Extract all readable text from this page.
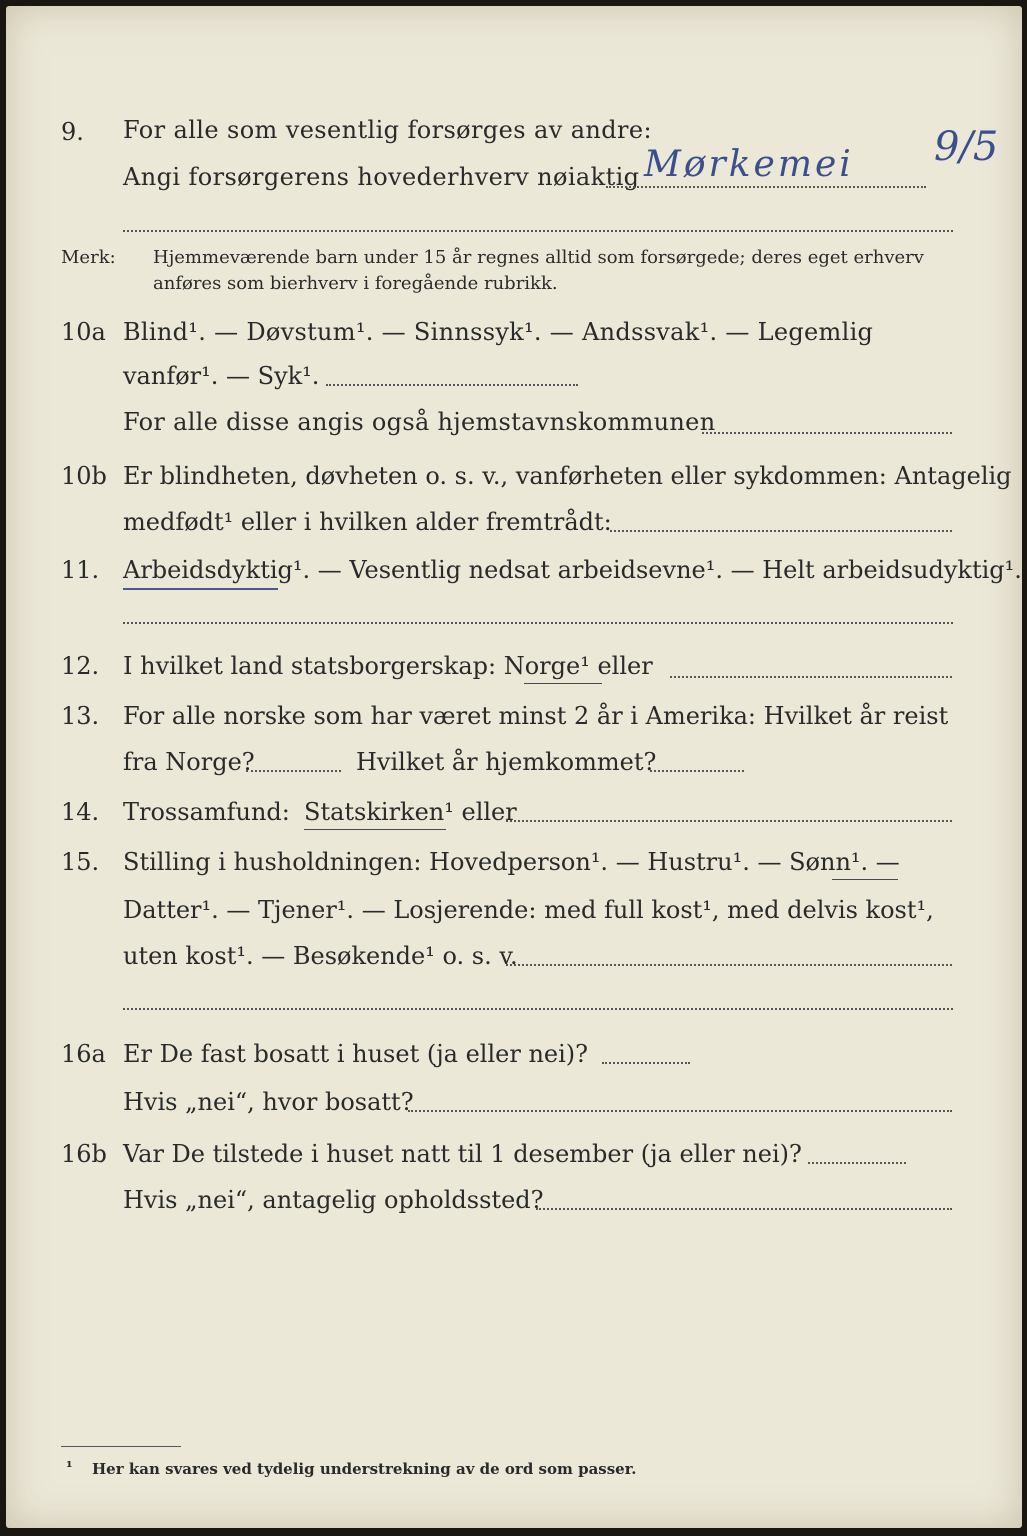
9. For alle som vesentlig forsørges av andre:
Angi forsørgerens hovederhverv nøiaktig Mørkemei 9/5
Merk: Hjemmeværende barn under 15 år regnes alltid som forsørgede; deres eget erhverv
anføres som bierhverv i foregående rubrikk.
10a Blind¹. — Døvstum¹. — Sinnssyk¹. — Andssvak¹. — Legemlig
vanfør¹. — Syk¹.
For alle disse angis også hjemstavnskommunen
10b Er blindheten, døvheten o. s. v., vanførheten eller sykdommen: Antagelig
medfødt¹ eller i hvilken alder fremtrådt:
11. Arbeidsdyktig¹. — Vesentlig nedsat arbeidsevne¹. — Helt arbeidsudyktig¹.
12. I hvilket land statsborgerskap: Norge¹ eller
13. For alle norske som har været minst 2 år i Amerika: Hvilket år reist
fra Norge?	Hvilket år hjemkommet?
14. Trossamfund: Statskirken¹ eller
15. Stilling i husholdningen: Hovedperson¹. — Hustru¹. — Sønn¹. —
Datter¹. — Tjener¹. — Losjerende: med full kost¹, med delvis kost¹,
uten kost¹. — Besøkende¹ o. s. v.
16a Er De fast bosatt i huset (ja eller nei)?
Hvis „nei“, hvor bosatt?
16b Var De tilstede i huset natt til 1 desember (ja eller nei)?
Hvis „nei“, antagelig opholdssted?
¹ Her kan svares ved tydelig understrekning av de ord som passer.
